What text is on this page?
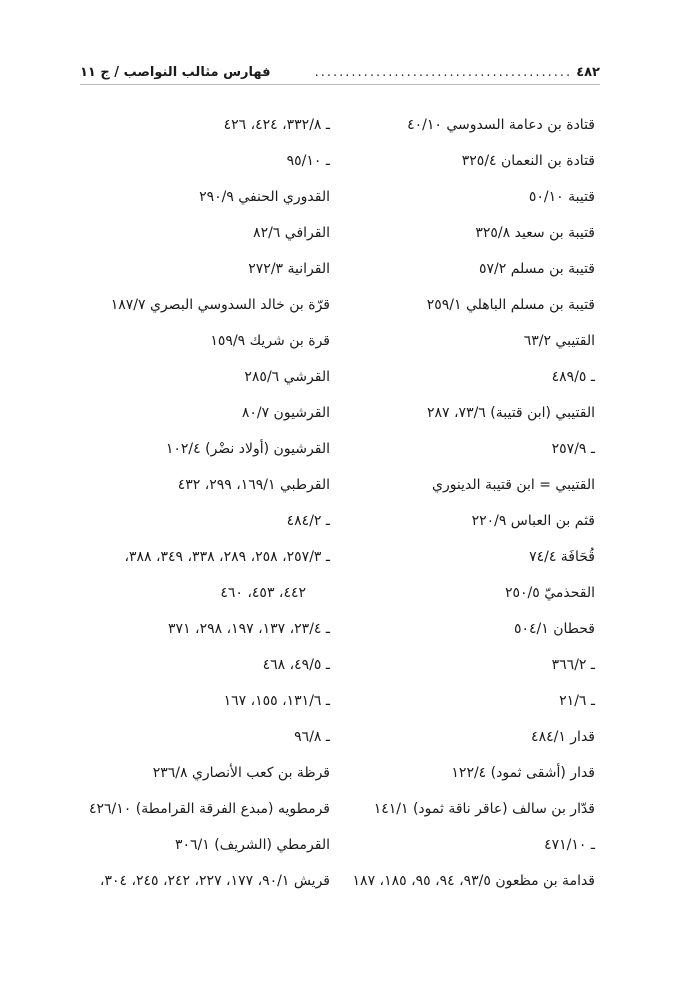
٤٨٢
..........................................
فهارس مثالب النواصب / ج ١١
قتادة بن دعامة السدوسي ٤٠/١٠
قتادة بن النعمان ٣٢٥/٤
قتيبة ٥٠/١٠
قتيبة بن سعيد ٣٢٥/٨
قتيبة بن مسلم ٥٧/٢
قتيبة بن مسلم الباهلي ٢٥٩/١
القتيبي ٦٣/٢
ـ ٤٨٩/٥
القتيبي (ابن قتيبة) ٧٣/٦، ٢٨٧
ـ ٢٥٧/٩
القتيبي = ابن قتيبة الدينوري
قثم بن العباس ٢٢٠/٩
قُحَافَة ٧٤/٤
القحذميّ ٢٥٠/٥
قحطان ٥٠٤/١
ـ ٣٦٦/٢
ـ ٢١/٦
قدار ٤٨٤/١
قدار (أشقى ثمود) ١٢٢/٤
قدّار بن سالف (عاقر ناقة ثمود) ١٤١/١
ـ ٤٧١/١٠
قدامة بن مظعون ٩٣/٥، ٩٤، ٩٥، ١٨٥، ١٨٧
ـ ٣٣٢/٨، ٤٢٤، ٤٢٦
ـ ٩٥/١٠
القدوري الحنفي ٢٩٠/٩
القرافي ٨٢/٦
القرانية ٢٧٢/٣
قرّة بن خالد السدوسي البصري ١٨٧/٧
قرة بن شريك ١٥٩/٩
القرشي ٢٨٥/٦
القرشيون ٨٠/٧
القرشيون (أولاد نضْر) ١٠٢/٤
القرطبي ١٦٩/١، ٢٩٩، ٤٣٢
ـ ٤٨٤/٢
ـ ٢٥٧/٣، ٢٥٨، ٢٨٩، ٣٣٨، ٣٤٩، ٣٨٨،
٤٤٢، ٤٥٣، ٤٦٠
ـ ٢٣/٤، ١٣٧، ١٩٧، ٢٩٨، ٣٧١
ـ ٤٩/٥، ٤٦٨
ـ ١٣١/٦، ١٥٥، ١٦٧
ـ ٩٦/٨
قرظة بن كعب الأنصاري ٢٣٦/٨
قرمطويه (مبدع الفرقة القرامطة) ٤٢٦/١٠
القرمطي (الشريف) ٣٠٦/١
قريش ٩٠/١، ١٧٧، ٢٢٧، ٢٤٢، ٢٤٥، ٣٠٤،
